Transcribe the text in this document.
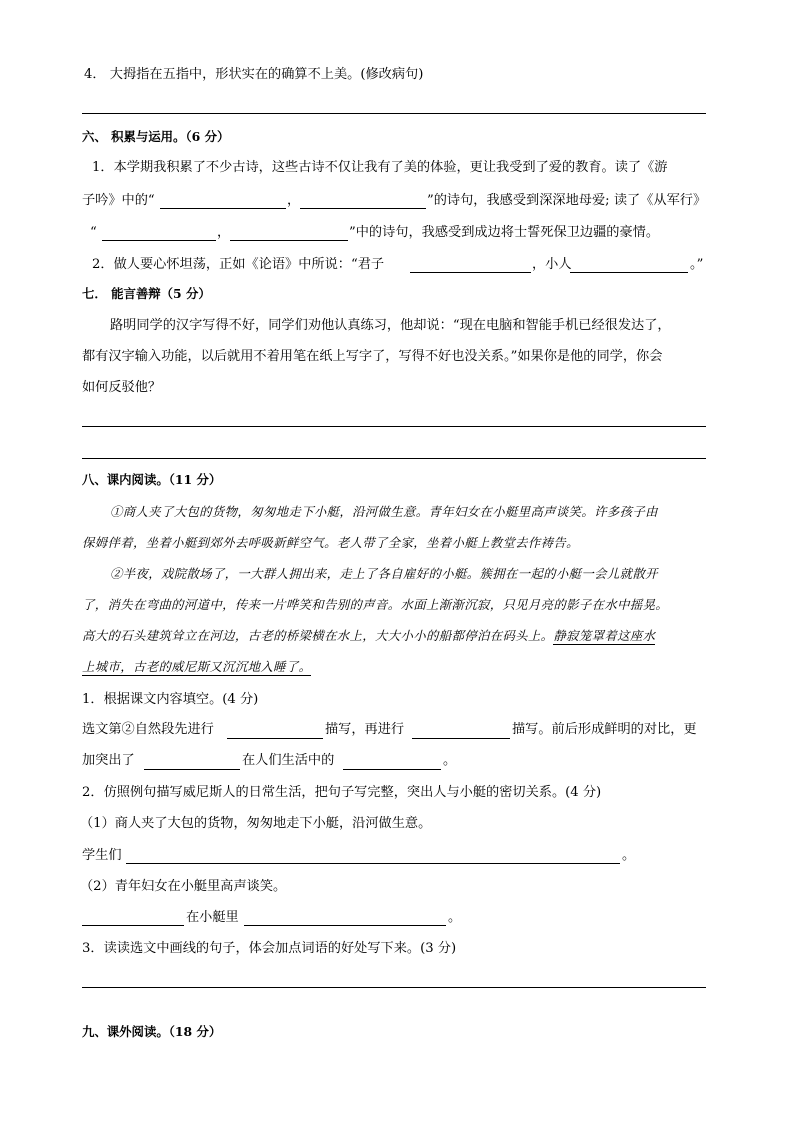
4． 大拇指在五指中，形状实在的确算不上美。(修改病句)
六、 积累与运用。（6 分）
1．本学期我积累了不少古诗，这些古诗不仅让我有了美的体验，更让我受到了爱的教育。读了《游
子吟》中的“	，	”的诗句，我感受到深深地母爱; 读了《从军行》
“	，	”中的诗句，我感受到成边将士誓死保卫边疆的豪情。
2．做人要心怀坦荡，正如《论语》中所说：“君子	，小人	。”
七． 能言善辩（5 分）
路明同学的汉字写得不好，同学们劝他认真练习，他却说：“现在电脑和智能手机已经很发达了，
都有汉字输入功能，以后就用不着用笔在纸上写字了，写得不好也没关系。”如果你是他的同学，你会
如何反驳他？
八、课内阅读。（11 分）
①商人夹了大包的货物，匆匆地走下小艇，沿河做生意。青年妇女在小艇里高声谈笑。许多孩子由
保姆伴着，坐着小艇到郊外去呼吸新鲜空气。老人带了全家，坐着小艇上教堂去作祷告。
②半夜，戏院散场了，一大群人拥出来，走上了各自雇好的小艇。簇拥在一起的小艇一会儿就散开
了，消失在弯曲的河道中，传来一片哗笑和告别的声音。水面上渐渐沉寂，只见月亮的影子在水中摇晃。
高大的石头建筑耸立在河边，古老的桥梁横在水上，大大小小的船都停泊在码头上。静寂笼罩着这座水
上城市，古老的威尼斯又沉沉地入睡了。
1．根据课文内容填空。(4 分)
选文第②自然段先进行	描写，再进行	描写。前后形成鲜明的对比，更
加突出了	在人们生活中的	。
2．仿照例句描写威尼斯人的日常生活，把句子写完整，突出人与小艇的密切关系。(4 分)
（1）商人夹了大包的货物，匆匆地走下小艇，沿河做生意。
学生们	。
（2）青年妇女在小艇里高声谈笑。
在小艇里	。
3．读读选文中画线的句子，体会加点词语的好处写下来。(3 分)
九、课外阅读。（18 分）
